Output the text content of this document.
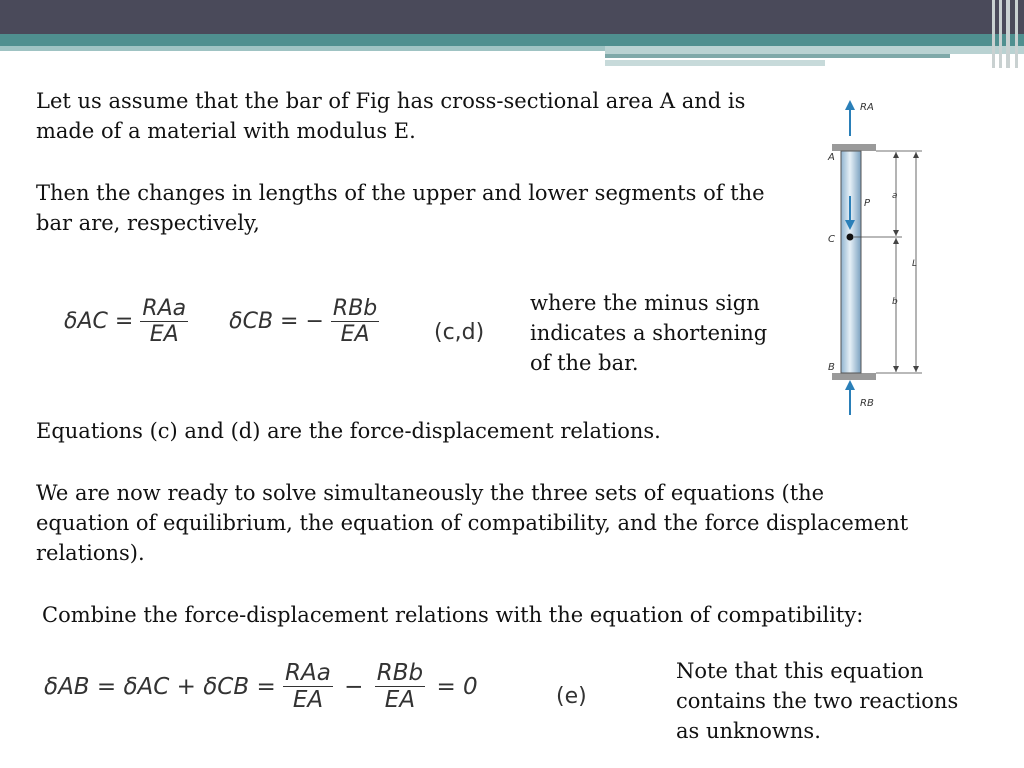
Let us assume that the bar of Fig has cross-sectional area A and is made of a material with modulus E.
Then the changes in lengths of the upper and lower segments of the bar are, respectively,
$\delta AC = \frac{\text{RAa}}{EA}$ δCB = − $\frac{\text{RBb}}{EA} (c,d)$
where the minus sign indicates a shortening of the bar.
Equations (c) and (d) are the force-displacement relations.
We are now ready to solve simultaneously the three sets of equations (the equation of equilibrium, the equation of compatibility, and the force displacement relations).
Combine the force-displacement relations with the equation of compatibility:
$\delta AB = \delta AC + \delta CB = \frac{\text{RAa}}{EA} - \frac{\text{RBb}}{EA} = 0$	(e)
Note that this equation contains the two reactions as unknowns.
RA
RB
P
A
C
B
a
b
L
